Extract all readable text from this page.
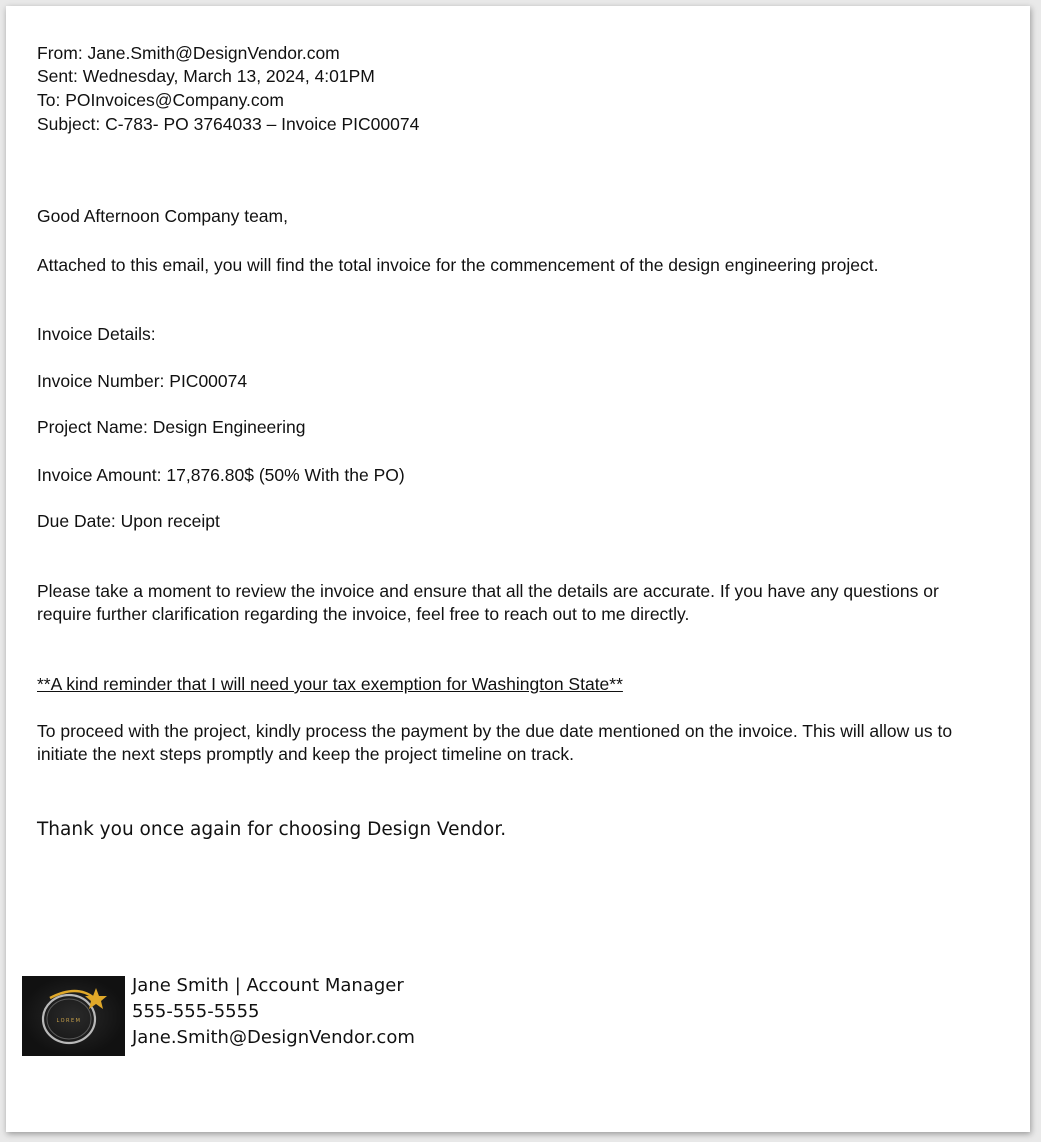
From: Jane.Smith@DesignVendor.com
Sent: Wednesday, March 13, 2024, 4:01PM
To: POInvoices@Company.com
Subject: C-783- PO 3764033 – Invoice PIC00074
Good Afternoon Company team,
Attached to this email, you will find the total invoice for the commencement of the design engineering project.
Invoice Details:
Invoice Number: PIC00074
Project Name: Design Engineering
Invoice Amount: 17,876.80$ (50% With the PO)
Due Date: Upon receipt
Please take a moment to review the invoice and ensure that all the details are accurate. If you have any questions or require further clarification regarding the invoice, feel free to reach out to me directly.
**A kind reminder that I will need your tax exemption for Washington State**
To proceed with the project, kindly process the payment by the due date mentioned on the invoice. This will allow us to initiate the next steps promptly and keep the project timeline on track.
Thank you once again for choosing Design Vendor.
LOREM
Jane Smith | Account Manager
555-555-5555
Jane.Smith@DesignVendor.com
